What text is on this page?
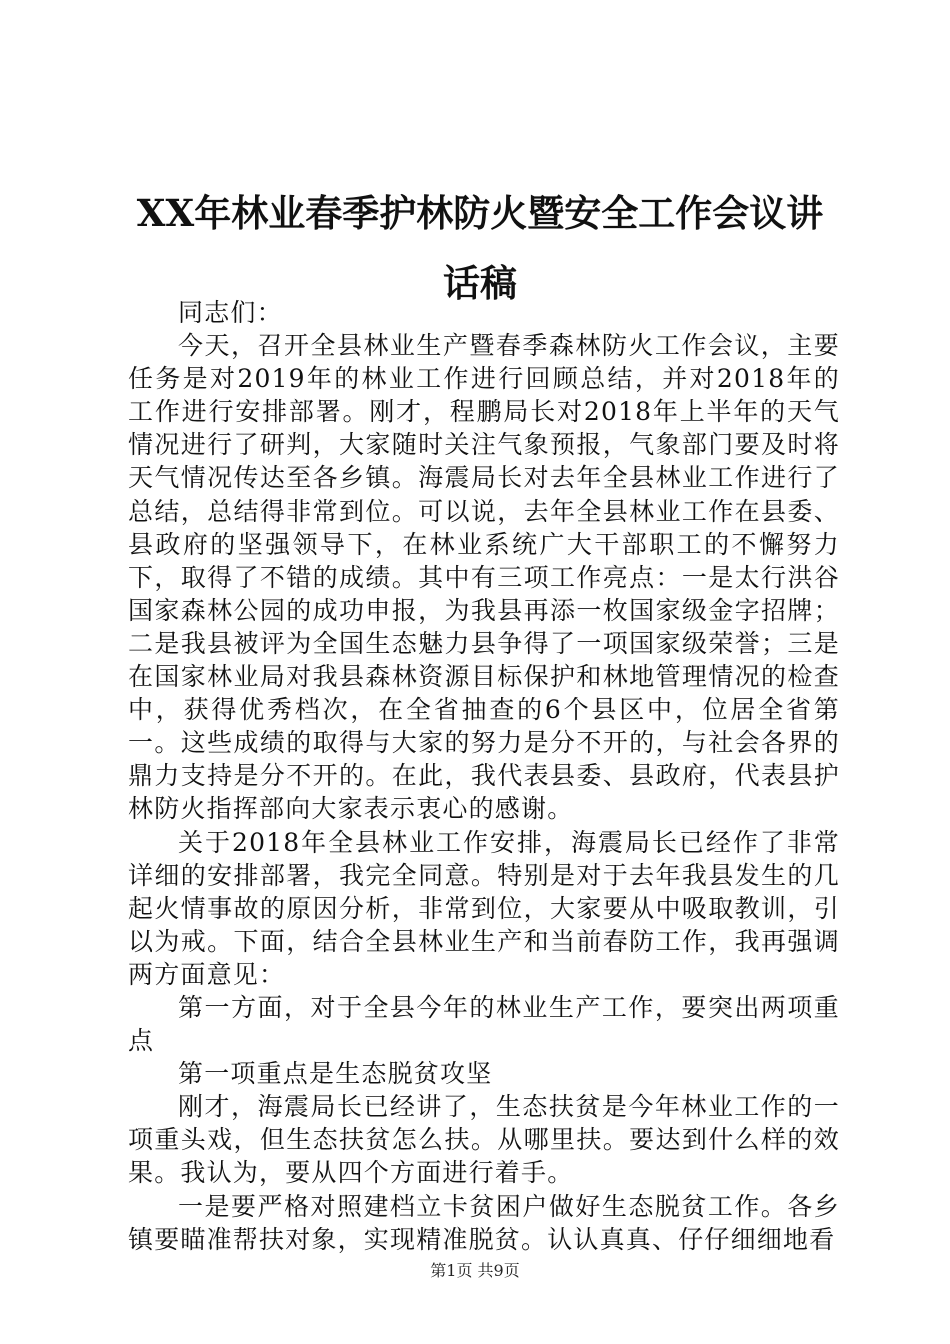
XX年林业春季护林防火暨安全工作会议讲话稿

同志们：

今天，召开全县林业生产暨春季森林防火工作会议，主要任务是对2019年的林业工作进行回顾总结，并对2018年的工作进行安排部署。刚才，程鹏局长对2018年上半年的天气情况进行了研判，大家随时关注气象预报，气象部门要及时将天气情况传达至各乡镇。海震局长对去年全县林业工作进行了总结，总结得非常到位。可以说，去年全县林业工作在县委、县政府的坚强领导下，在林业系统广大干部职工的不懈努力下，取得了不错的成绩。其中有三项工作亮点：一是太行洪谷国家森林公园的成功申报，为我县再添一枚国家级金字招牌；二是我县被评为全国生态魅力县争得了一项国家级荣誉；三是在国家林业局对我县森林资源目标保护和林地管理情况的检查中，获得优秀档次，在全省抽查的6个县区中，位居全省第一。这些成绩的取得与大家的努力是分不开的，与社会各界的鼎力支持是分不开的。在此，我代表县委、县政府，代表县护林防火指挥部向大家表示衷心的感谢。

关于2018年全县林业工作安排，海震局长已经作了非常详细的安排部署，我完全同意。特别是对于去年我县发生的几起火情事故的原因分析，非常到位，大家要从中吸取教训，引以为戒。下面，结合全县林业生产和当前春防工作，我再强调两方面意见：

第一方面，对于全县今年的林业生产工作，要突出两项重点

第一项重点是生态脱贫攻坚

刚才，海震局长已经讲了，生态扶贫是今年林业工作的一项重头戏，但生态扶贫怎么扶。从哪里扶。要达到什么样的效果。我认为，要从四个方面进行着手。

一是要严格对照建档立卡贫困户做好生态脱贫工作。各乡镇要瞄准帮扶对象，实现精准脱贫。认认真真、仔仔细细地看

第1页 共9页
